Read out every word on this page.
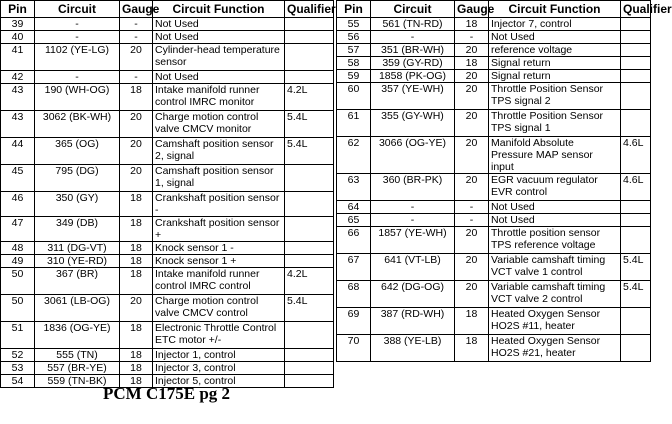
Pin	Circuit	Gauge	Circuit Function	Qualifier
39	-	-	Not Used	
40	-	-	Not Used	
41	1102 (YE-LG)	20	Cylinder-head temperature sensor	
42	-	-	Not Used	
43	190 (WH-OG)	18	Intake manifold runner control IMRC monitor	4.2L
43	3062 (BK-WH)	20	Charge motion control valve CMCV monitor	5.4L
44	365 (OG)	20	Camshaft position sensor 2, signal	5.4L
45	795 (DG)	20	Camshaft position sensor 1, signal	
46	350 (GY)	18	Crankshaft position sensor -	
47	349 (DB)	18	Crankshaft position sensor +	
48	311 (DG-VT)	18	Knock sensor 1 -	
49	310 (YE-RD)	18	Knock sensor 1 +	
50	367 (BR)	18	Intake manifold runner control IMRC control	4.2L
50	3061 (LB-OG)	20	Charge motion control valve CMCV control	5.4L
51	1836 (OG-YE)	18	Electronic Throttle Control ETC motor +/-	
52	555 (TN)	18	Injector 1, control	
53	557 (BR-YE)	18	Injector 3, control	
54	559 (TN-BK)	18	Injector 5, control	
Pin	Circuit	Gauge	Circuit Function	Qualifier
55	561 (TN-RD)	18	Injector 7, control	
56	-	-	Not Used	
57	351 (BR-WH)	20	reference voltage	
58	359 (GY-RD)	18	Signal return	
59	1858 (PK-OG)	20	Signal return	
60	357 (YE-WH)	20	Throttle Position Sensor TPS signal 2	
61	355 (GY-WH)	20	Throttle Position Sensor TPS signal 1	
62	3066 (OG-YE)	20	Manifold Absolute Pressure MAP sensor input	4.6L
63	360 (BR-PK)	20	EGR vacuum regulator EVR control	4.6L
64	-	-	Not Used	
65	-	-	Not Used	
66	1857 (YE-WH)	20	Throttle position sensor TPS reference voltage	
67	641 (VT-LB)	20	Variable camshaft timing VCT valve 1 control	5.4L
68	642 (DG-OG)	20	Variable camshaft timing VCT valve 2 control	5.4L
69	387 (RD-WH)	18	Heated Oxygen Sensor HO2S #11, heater	
70	388 (YE-LB)	18	Heated Oxygen Sensor HO2S #21, heater	
PCM C175E pg 2
